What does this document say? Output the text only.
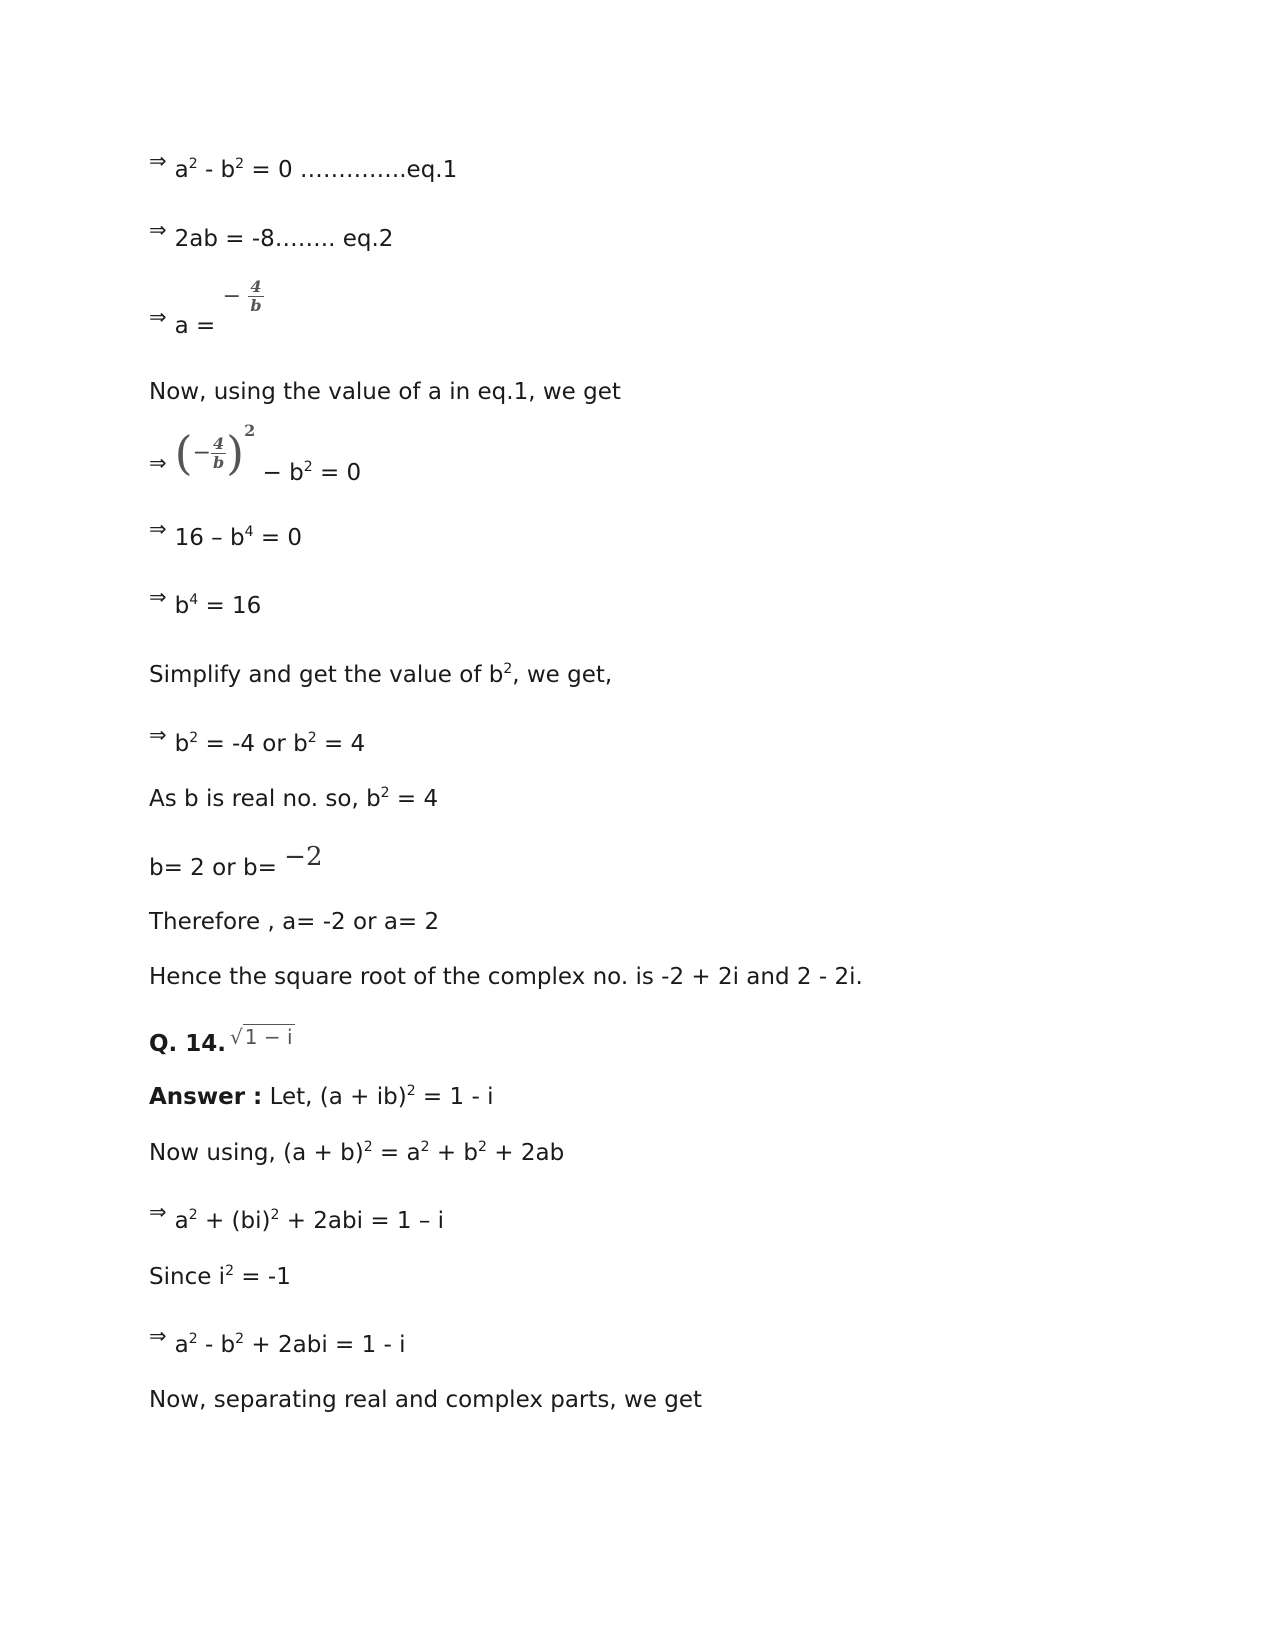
⇒ $a^2 - b^2 = 0$ …………..eq.1
⇒ 2ab = -8…….. eq.2
⇒ a = − $\frac{4}{b}$
Now, using the value of a in eq.1, we get
⇒ (− $\frac{4}{b} )^2 - b^2 = 0$
⇒ $16 - b^4 = 0$
⇒ $b^4 = 16$
Simplify and get the value of $b^2$, we get,
⇒ $b^2 = -4$ or $b^2 = 4$
As b is real no. so, $b^2 = 4$
b= 2 or b= −2
Therefore , a= -2 or a= 2
Hence the square root of the complex no. is -2 + 2i and 2 - 2i.
Q. 14. √ 1 − i
Answer : Let, (a + ib)$^2$ = 1 - i
Now using, $(a + b)^2 = a^2 + b^2 + 2ab$
⇒ $a^2 + (bi)^2 + 2abi = 1 - i$
Since $i^2 = -1$
⇒ $a^2 - b^2 + 2abi = 1 - i$
Now, separating real and complex parts, we get
